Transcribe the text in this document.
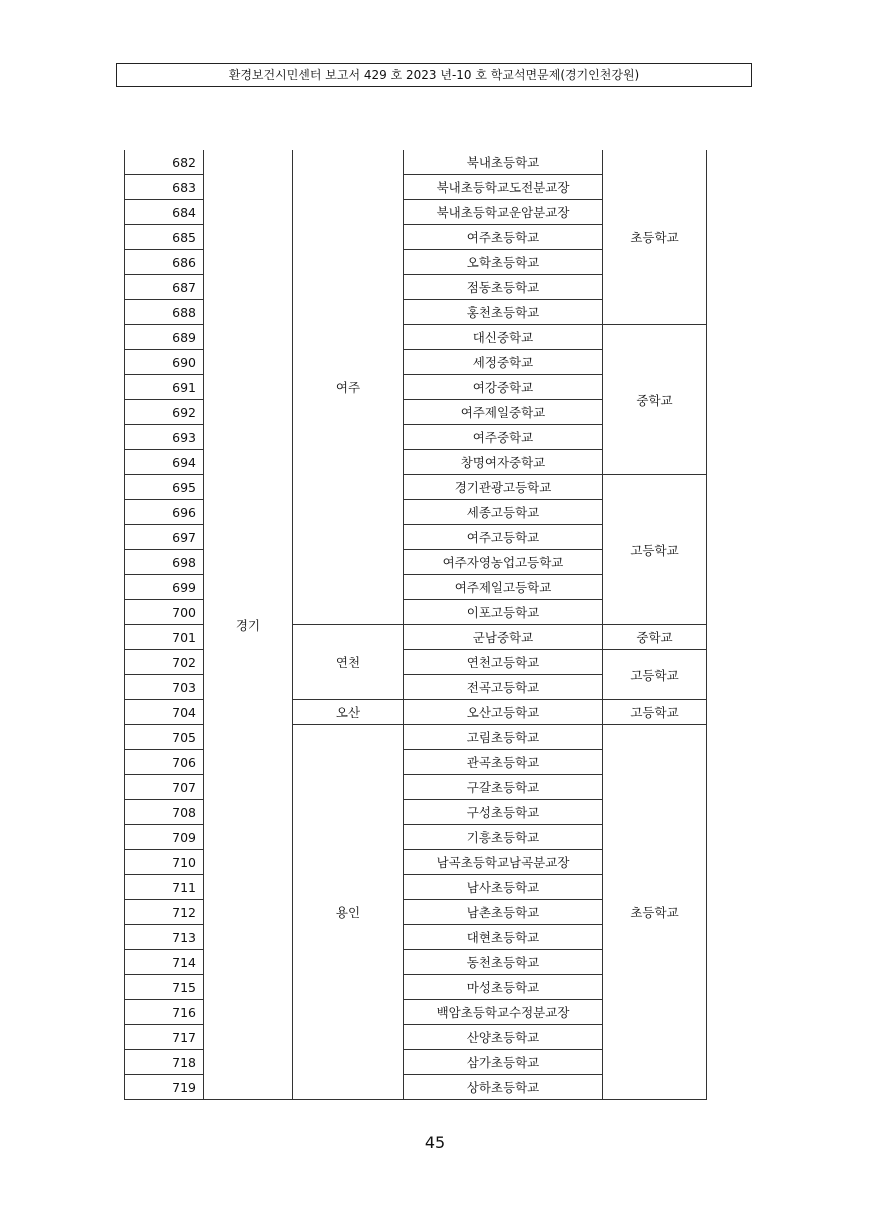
환경보건시민센터 보고서 429 호 2023 년-10 호 학교석면문제(경기인천강원)
682	경기	여주	북내초등학교	초등학교
683			북내초등학교도전분교장	
684			북내초등학교운암분교장	
685			여주초등학교	
686			오학초등학교	
687			점동초등학교	
688			홍천초등학교	
689			대신중학교	중학교
690			세정중학교	
691			여강중학교	
692			여주제일중학교	
693			여주중학교	
694			창명여자중학교	
695			경기관광고등학교	고등학교
696			세종고등학교	
697			여주고등학교	
698			여주자영농업고등학교	
699			여주제일고등학교	
700			이포고등학교	
701		연천	군남중학교	중학교
702			연천고등학교	고등학교
703			전곡고등학교	
704		오산	오산고등학교	고등학교
705		용인	고림초등학교	초등학교
706			관곡초등학교	
707			구갈초등학교	
708			구성초등학교	
709			기흥초등학교	
710			남곡초등학교남곡분교장	
711			남사초등학교	
712			남촌초등학교	
713			대현초등학교	
714			동천초등학교	
715			마성초등학교	
716			백암초등학교수정분교장	
717			산양초등학교	
718			삼가초등학교	
719			상하초등학교	
45
